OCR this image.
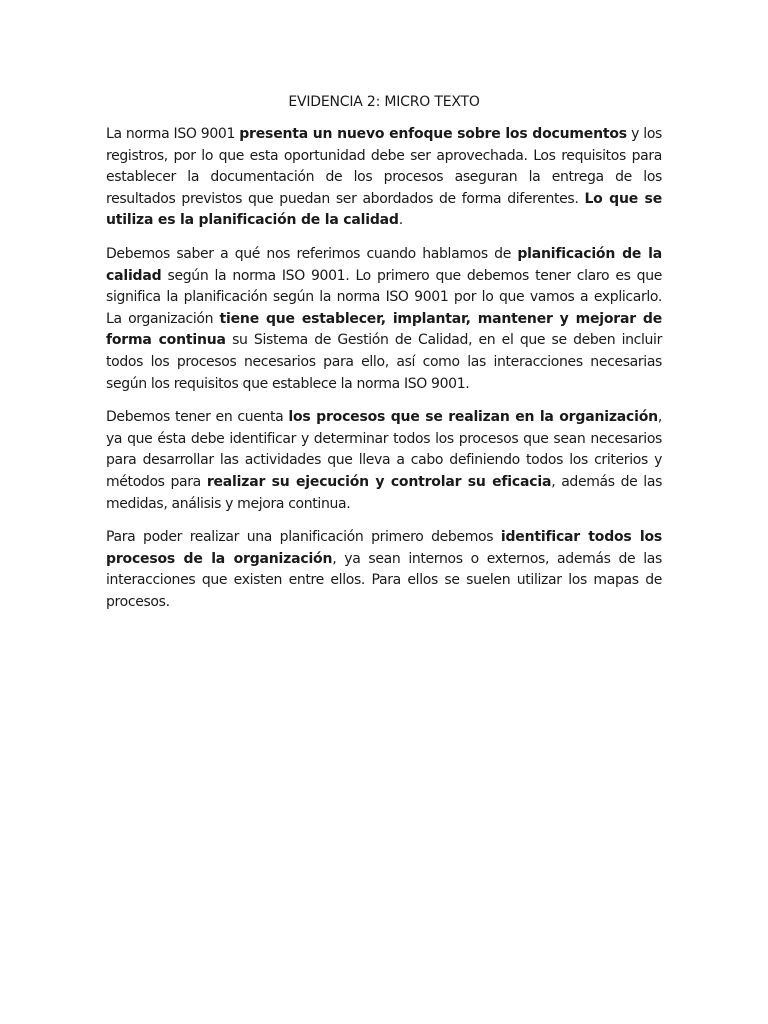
EVIDENCIA 2: MICRO TEXTO

La norma ISO 9001 presenta un nuevo enfoque sobre los documentos y los registros, por lo que esta oportunidad debe ser aprovechada. Los requisitos para establecer la documentación de los procesos aseguran la entrega de los resultados previstos que puedan ser abordados de forma diferentes. Lo que se utiliza es la planificación de la calidad.

Debemos saber a qué nos referimos cuando hablamos de planificación de la calidad según la norma ISO 9001. Lo primero que debemos tener claro es que significa la planificación según la norma ISO 9001 por lo que vamos a explicarlo. La organización tiene que establecer, implantar, mantener y mejorar de forma continua su Sistema de Gestión de Calidad, en el que se deben incluir todos los procesos necesarios para ello, así como las interacciones necesarias según los requisitos que establece la norma ISO 9001.

Debemos tener en cuenta los procesos que se realizan en la organización, ya que ésta debe identificar y determinar todos los procesos que sean necesarios para desarrollar las actividades que lleva a cabo definiendo todos los criterios y métodos para realizar su ejecución y controlar su eficacia, además de las medidas, análisis y mejora continua.

Para poder realizar una planificación primero debemos identificar todos los procesos de la organización, ya sean internos o externos, además de las interacciones que existen entre ellos. Para ellos se suelen utilizar los mapas de procesos.
